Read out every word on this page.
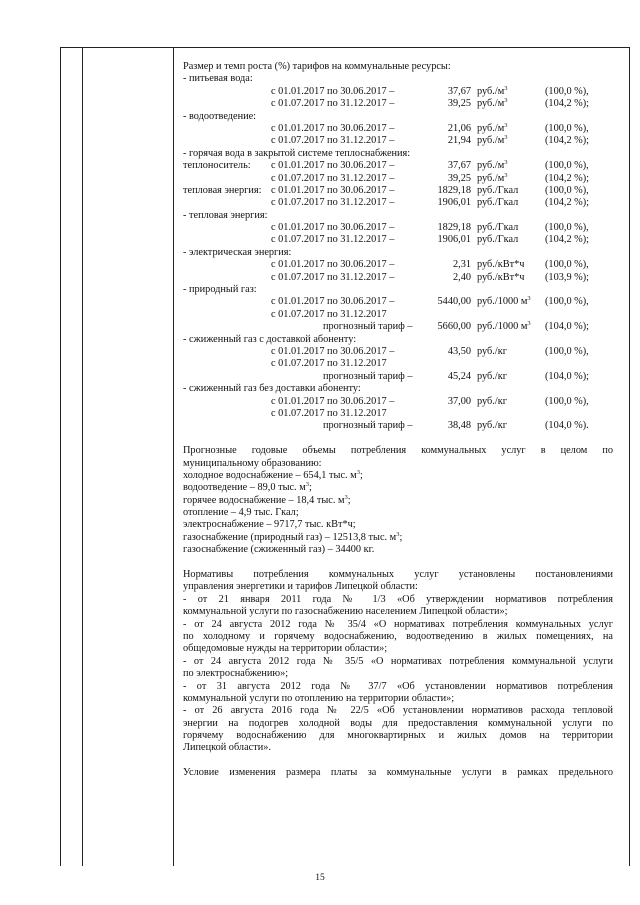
Размер и темп роста (%) тарифов на коммунальные ресурсы:
- питьевая вода:
с 01.01.2017 по 30.06.2017 –	37,67 $руб./м^3$	(100,0 %),
с 01.07.2017 по 31.12.2017 –	39,25 $руб./м^3$	(104,2 %);
- водоотведение:
с 01.01.2017 по 30.06.2017 –	21,06 $руб./м^3$	(100,0 %),
с 01.07.2017 по 31.12.2017 –	21,94 $руб./м^3$	(104,2 %);
- горячая вода в закрытой системе теплоснабжения:
теплоноситель: с 01.01.2017 по 30.06.2017 –	37,67 $руб./м^3$	(100,0 %),
с 01.07.2017 по 31.12.2017 –	39,25 $руб./м^3$	(104,2 %);
тепловая энергия: с 01.01.2017 по 30.06.2017 –	1829,18 руб./Гкал	(100,0 %),
с 01.07.2017 по 31.12.2017 –	1906,01 руб./Гкал	(104,2 %);
- тепловая энергия:
с 01.01.2017 по 30.06.2017 –	1829,18 руб./Гкал	(100,0 %),
с 01.07.2017 по 31.12.2017 –	1906,01 руб./Гкал	(104,2 %);
- электрическая энергия:
с 01.01.2017 по 30.06.2017 –	2,31 руб./кВт*ч (100,0 %),
с 01.07.2017 по 31.12.2017 –	2,40 руб./кВт*ч (103,9 %);
- природный газ:
с 01.01.2017 по 30.06.2017 –	5440,00 руб./1000 $м^3$ (100,0 %),
с 01.07.2017 по 31.12.2017
прогнозный тариф –	5660,00 руб./1000 $м^3$ (104,0 %);
- сжиженный газ с доставкой абоненту:
с 01.01.2017 по 30.06.2017 –	43,50 руб./кг	(100,0 %),
с 01.07.2017 по 31.12.2017
прогнозный тариф –	45,24 руб./кг	(104,0 %);
- сжиженный газ без доставки абоненту:
с 01.01.2017 по 30.06.2017 –	37,00 руб./кг	(100,0 %),
с 01.07.2017 по 31.12.2017
прогнозный тариф –	38,48 руб./кг	(104,0 %).
Прогнозные годовые объемы потребления коммунальных услуг в целом по
муниципальному образованию:
холодное водоснабжение – 654,1 тыс. $м^3$;
водоотведение – 89,0 тыс. $м^3$;
горячее водоснабжение – 18,4 тыс. $м^3$;
отопление – 4,9 тыс. Гкал;
электроснабжение – 9717,7 тыс. кВт*ч;
газоснабжение (природный газ) – 12513,8 тыс. $м^3$;
газоснабжение (сжиженный газ) – 34400 кг.
Нормативы потребления коммунальных услуг установлены постановлениями
управления энергетики и тарифов Липецкой области:
- от 21 января 2011 года № 1/3 «Об утверждении нормативов потребления
коммунальной услуги по газоснабжению населением Липецкой области»;
- от 24 августа 2012 года № 35/4 «О нормативах потребления коммунальных услуг
по холодному и горячему водоснабжению, водоотведению в жилых помещениях, на
общедомовые нужды на территории области»;
- от 24 августа 2012 года № 35/5 «О нормативах потребления коммунальной услуги
по электроснабжению»;
- от 31 августа 2012 года № 37/7 «Об установлении нормативов потребления
коммунальной услуги по отоплению на территории области»;
- от 26 августа 2016 года № 22/5 «Об установлении нормативов расхода тепловой
энергии на подогрев холодной воды для предоставления коммунальной услуги по
горячему водоснабжению для многоквартирных и жилых домов на территории
Липецкой области».
Условие изменения размера платы за коммунальные услуги в рамках предельного
15
